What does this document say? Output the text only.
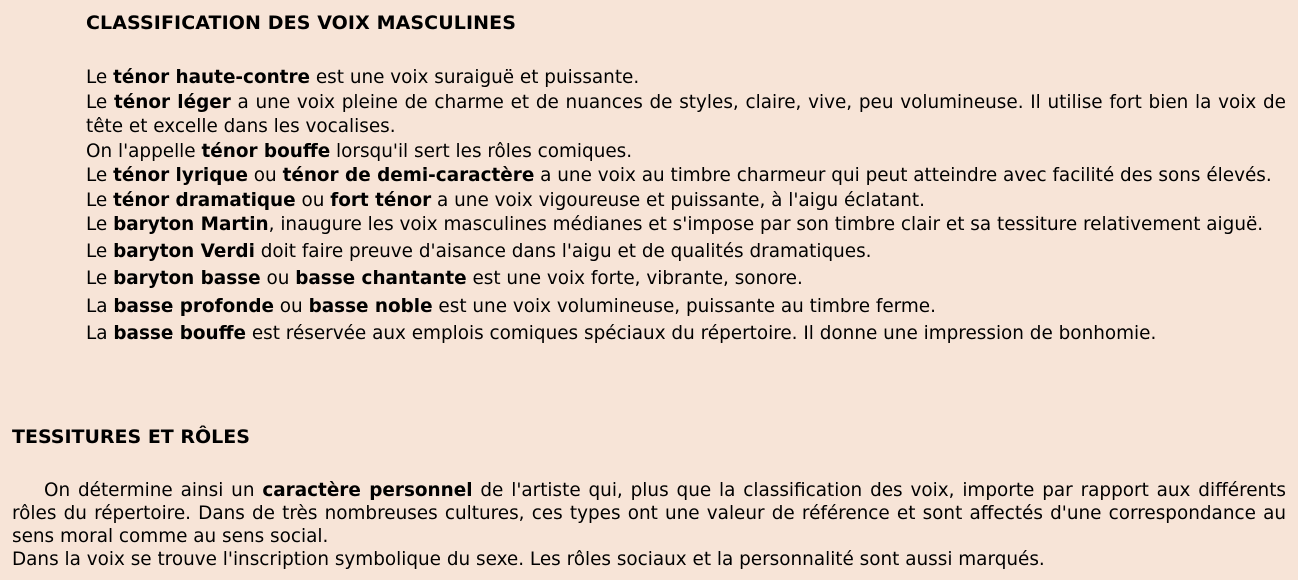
CLASSIFICATION DES VOIX MASCULINES

Le ténor haute-contre est une voix suraiguë et puissante.

Le ténor léger a une voix pleine de charme et de nuances de styles, claire, vive, peu volumineuse. Il utilise fort bien la voix de tête et excelle dans les vocalises.

On l'appelle ténor bouffe lorsqu'il sert les rôles comiques.

Le ténor lyrique ou ténor de demi-caractère a une voix au timbre charmeur qui peut atteindre avec facilité des sons élevés.

Le ténor dramatique ou fort ténor a une voix vigoureuse et puissante, à l'aigu éclatant.

Le baryton Martin, inaugure les voix masculines médianes et s'impose par son timbre clair et sa tessiture relativement aiguë.

Le baryton Verdi doit faire preuve d'aisance dans l'aigu et de qualités dramatiques.

Le baryton basse ou basse chantante est une voix forte, vibrante, sonore.

La basse profonde ou basse noble est une voix volumineuse, puissante au timbre ferme.

La basse bouffe est réservée aux emplois comiques spéciaux du répertoire. Il donne une impression de bonhomie.

TESSITURES ET RÔLES

On détermine ainsi un caractère personnel de l'artiste qui, plus que la classification des voix, importe par rapport aux différents rôles du répertoire. Dans de très nombreuses cultures, ces types ont une valeur de référence et sont affectés d'une correspondance au sens moral comme au sens social.

Dans la voix se trouve l'inscription symbolique du sexe. Les rôles sociaux et la personnalité sont aussi marqués.
